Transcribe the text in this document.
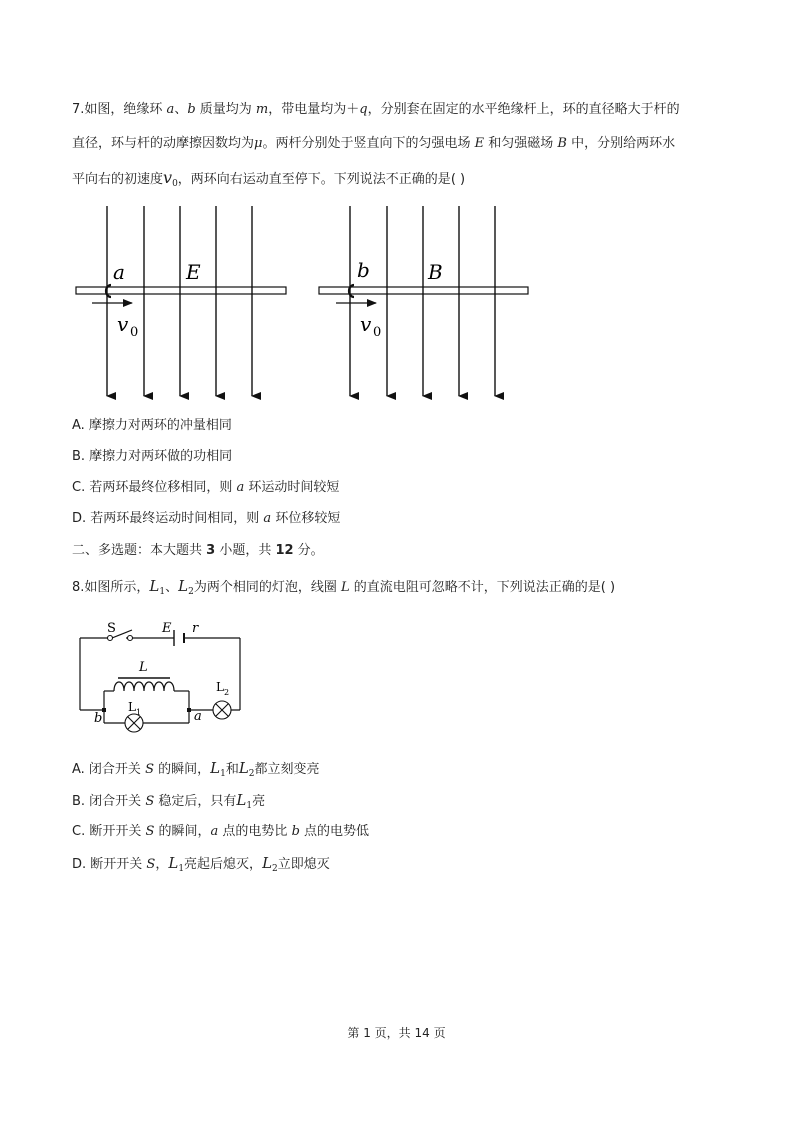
7.如图，绝缘环 a、b 质量均为 m，带电量均为＋q，分别套在固定的水平绝缘杆上，环的直径略大于杆的
直径，环与杆的动摩擦因数均为μ。两杆分别处于竖直向下的匀强电场 E 和匀强磁场 B 中，分别给两环水
平向右的初速度$v_0$，两环向右运动直至停下。下列说法不正确的是( )
a	E
v 0
b	B
v 0
A. 摩擦力对两环的冲量相同
B. 摩擦力对两环做的功相同
C. 若两环最终位移相同，则 a 环运动时间较短
D. 若两环最终运动时间相同，则 a 环位移较短
二、多选题：本大题共 3 小题，共 12 分。
8.如图所示，$L_1$、$L_2$为两个相同的灯泡，线圈 L 的直流电阻可忽略不计，下列说法正确的是( )
S	E r
L
L 2
L 1
b	a
A. 闭合开关 S 的瞬间，$L_1$和$L_2$都立刻变亮
B. 闭合开关 S 稳定后，只有$L_1$亮
C. 断开开关 S 的瞬间，a 点的电势比 b 点的电势低
D. 断开开关 S，$L_1$亮起后熄灭，$L_2$立即熄灭
第 1 页，共 14 页
